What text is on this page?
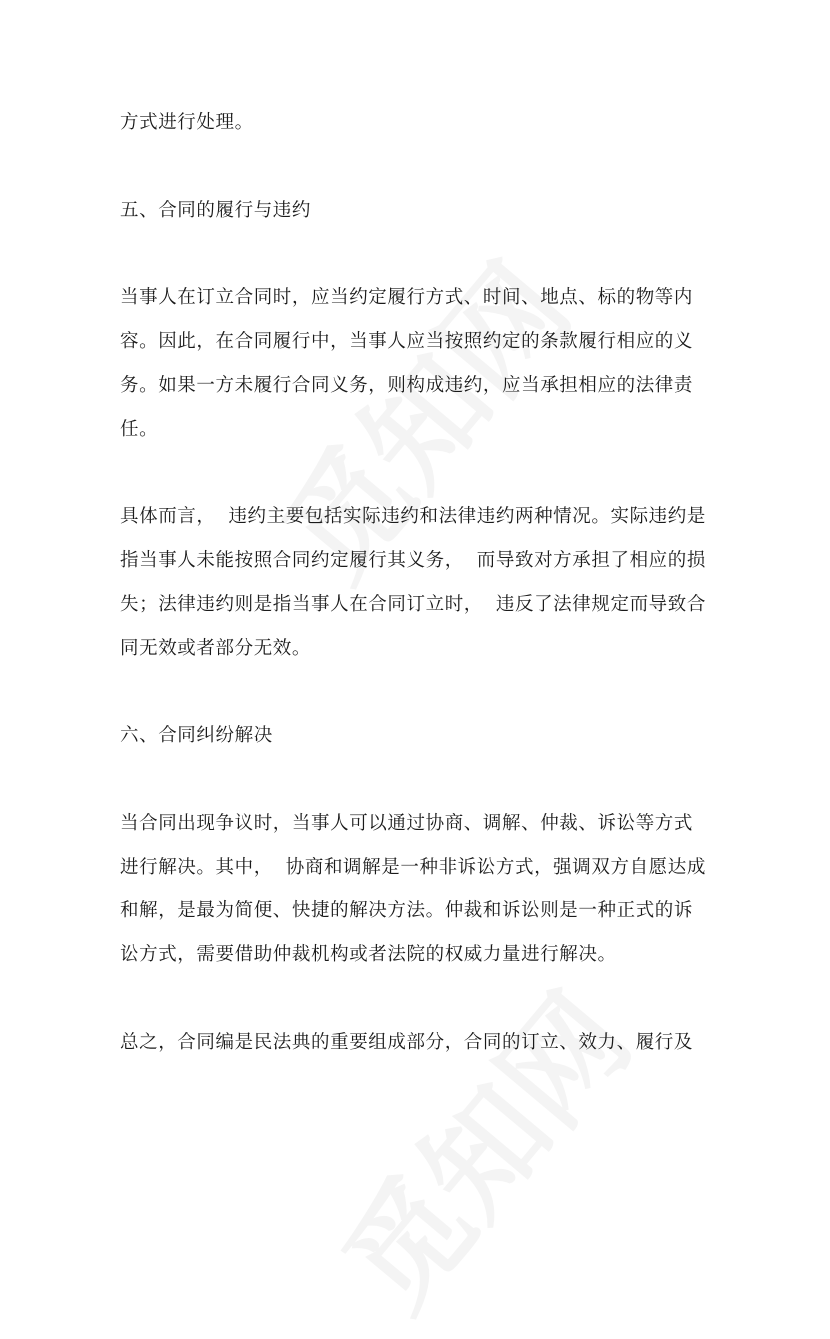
方式进行处理。
五、合同的履行与违约
当事人在订立合同时，应当约定履行方式、时间、地点、标的物等内
容。因此，在合同履行中，当事人应当按照约定的条款履行相应的义
务。如果一方未履行合同义务，则构成违约，应当承担相应的法律责
任。
具体而言，  违约主要包括实际违约和法律违约两种情况。实际违约是
指当事人未能按照合同约定履行其义务，  而导致对方承担了相应的损
失；法律违约则是指当事人在合同订立时，  违反了法律规定而导致合
同无效或者部分无效。
六、合同纠纷解决
当合同出现争议时，当事人可以通过协商、调解、仲裁、诉讼等方式
进行解决。其中，  协商和调解是一种非诉讼方式，强调双方自愿达成
和解，是最为简便、快捷的解决方法。仲裁和诉讼则是一种正式的诉
讼方式，需要借助仲裁机构或者法院的权威力量进行解决。
总之，合同编是民法典的重要组成部分，合同的订立、效力、履行及
